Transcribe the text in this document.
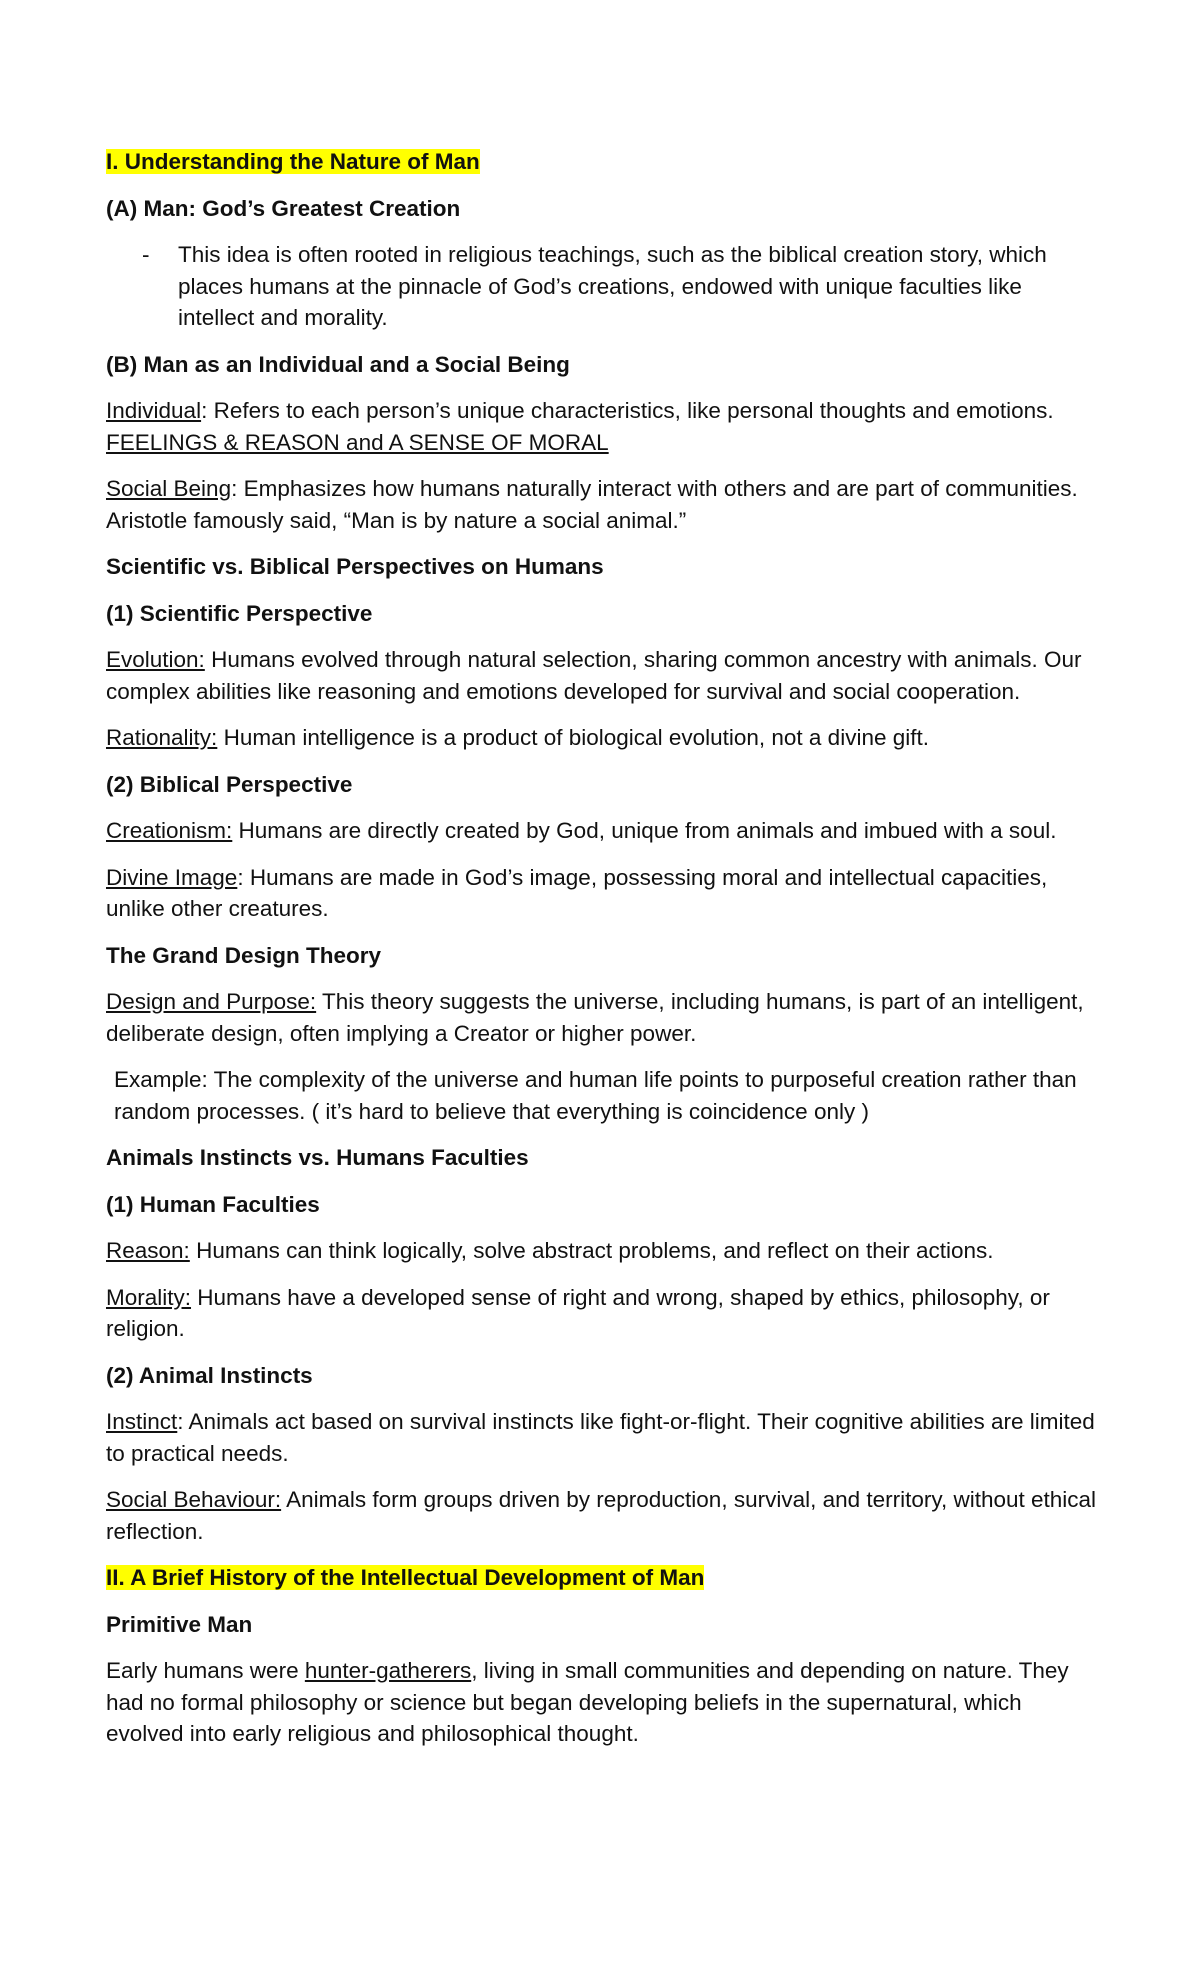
I. Understanding the Nature of Man

(A) Man: God’s Greatest Creation

- This idea is often rooted in religious teachings, such as the biblical creation story, which places humans at the pinnacle of God’s creations, endowed with unique faculties like intellect and morality.

(B) Man as an Individual and a Social Being

Individual: Refers to each person’s unique characteristics, like personal thoughts and emotions. FEELINGS & REASON and A SENSE OF MORAL

Social Being: Emphasizes how humans naturally interact with others and are part of communities. Aristotle famously said, “Man is by nature a social animal.”

Scientific vs. Biblical Perspectives on Humans

(1) Scientific Perspective

Evolution: Humans evolved through natural selection, sharing common ancestry with animals. Our complex abilities like reasoning and emotions developed for survival and social cooperation.

Rationality: Human intelligence is a product of biological evolution, not a divine gift.

(2) Biblical Perspective

Creationism: Humans are directly created by God, unique from animals and imbued with a soul.

Divine Image: Humans are made in God’s image, possessing moral and intellectual capacities, unlike other creatures.

The Grand Design Theory

Design and Purpose: This theory suggests the universe, including humans, is part of an intelligent, deliberate design, often implying a Creator or higher power.

Example: The complexity of the universe and human life points to purposeful creation rather than random processes. ( it’s hard to believe that everything is coincidence only )

Animals Instincts vs. Humans Faculties

(1) Human Faculties

Reason: Humans can think logically, solve abstract problems, and reflect on their actions.

Morality: Humans have a developed sense of right and wrong, shaped by ethics, philosophy, or religion.

(2) Animal Instincts

Instinct: Animals act based on survival instincts like fight-or-flight. Their cognitive abilities are limited to practical needs.

Social Behaviour: Animals form groups driven by reproduction, survival, and territory, without ethical reflection.

II. A Brief History of the Intellectual Development of Man

Primitive Man

Early humans were hunter-gatherers, living in small communities and depending on nature. They had no formal philosophy or science but began developing beliefs in the supernatural, which evolved into early religious and philosophical thought.
